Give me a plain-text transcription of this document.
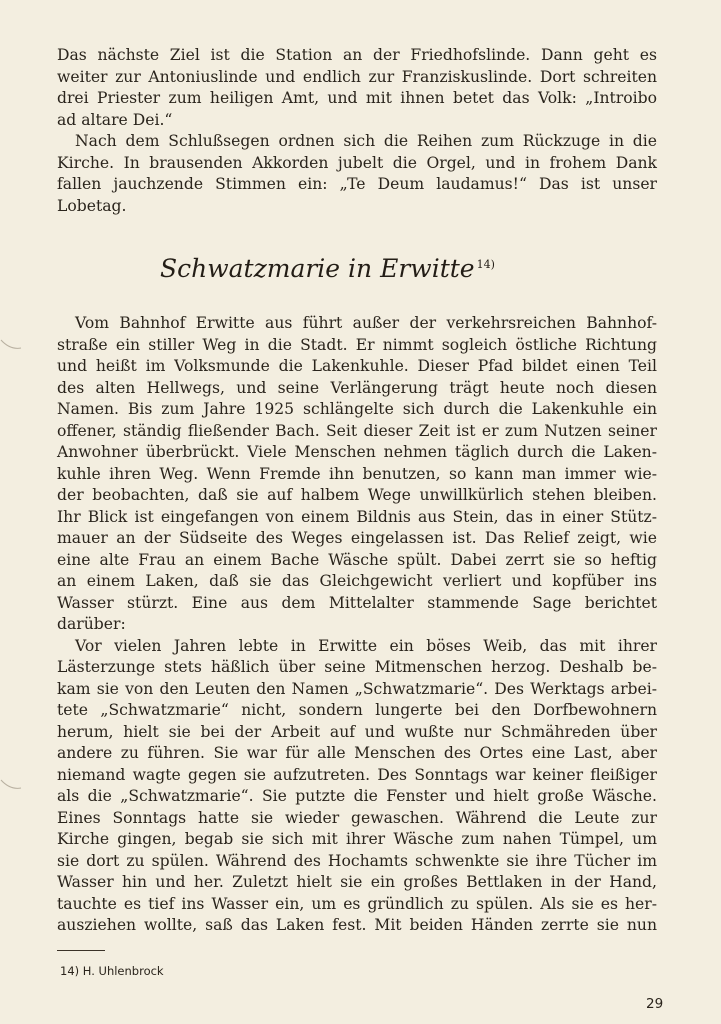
Das nächste Ziel ist die Station an der Friedhofslinde. Dann geht es
weiter zur Antoniuslinde und endlich zur Franziskuslinde. Dort schreiten
drei Priester zum heiligen Amt, und mit ihnen betet das Volk: „Introibo
ad altare Dei.“
Nach dem Schlußsegen ordnen sich die Reihen zum Rückzuge in die
Kirche. In brausenden Akkorden jubelt die Orgel, und in frohem Dank
fallen jauchzende Stimmen ein: „Te Deum laudamus!“ Das ist unser
Lobetag.
Schwatzmarie in Erwitte $^{14)}$
Vom Bahnhof Erwitte aus führt außer der verkehrsreichen Bahnhof-
straße ein stiller Weg in die Stadt. Er nimmt sogleich östliche Richtung
und heißt im Volksmunde die Lakenkuhle. Dieser Pfad bildet einen Teil
des alten Hellwegs, und seine Verlängerung trägt heute noch diesen
Namen. Bis zum Jahre 1925 schlängelte sich durch die Lakenkuhle ein
offener, ständig fließender Bach. Seit dieser Zeit ist er zum Nutzen seiner
Anwohner überbrückt. Viele Menschen nehmen täglich durch die Laken-
kuhle ihren Weg. Wenn Fremde ihn benutzen, so kann man immer wie-
der beobachten, daß sie auf halbem Wege unwillkürlich stehen bleiben.
Ihr Blick ist eingefangen von einem Bildnis aus Stein, das in einer Stütz-
mauer an der Südseite des Weges eingelassen ist. Das Relief zeigt, wie
eine alte Frau an einem Bache Wäsche spült. Dabei zerrt sie so heftig
an einem Laken, daß sie das Gleichgewicht verliert und kopfüber ins
Wasser stürzt. Eine aus dem Mittelalter stammende Sage berichtet
darüber:
Vor vielen Jahren lebte in Erwitte ein böses Weib, das mit ihrer
Lästerzunge stets häßlich über seine Mitmenschen herzog. Deshalb be-
kam sie von den Leuten den Namen „Schwatzmarie“. Des Werktags arbei-
tete „Schwatzmarie“ nicht, sondern lungerte bei den Dorfbewohnern
herum, hielt sie bei der Arbeit auf und wußte nur Schmähreden über
andere zu führen. Sie war für alle Menschen des Ortes eine Last, aber
niemand wagte gegen sie aufzutreten. Des Sonntags war keiner fleißiger
als die „Schwatzmarie“. Sie putzte die Fenster und hielt große Wäsche.
Eines Sonntags hatte sie wieder gewaschen. Während die Leute zur
Kirche gingen, begab sie sich mit ihrer Wäsche zum nahen Tümpel, um
sie dort zu spülen. Während des Hochamts schwenkte sie ihre Tücher im
Wasser hin und her. Zuletzt hielt sie ein großes Bettlaken in der Hand,
tauchte es tief ins Wasser ein, um es gründlich zu spülen. Als sie es her-
ausziehen wollte, saß das Laken fest. Mit beiden Händen zerrte sie nun
14) H. Uhlenbrock
29
